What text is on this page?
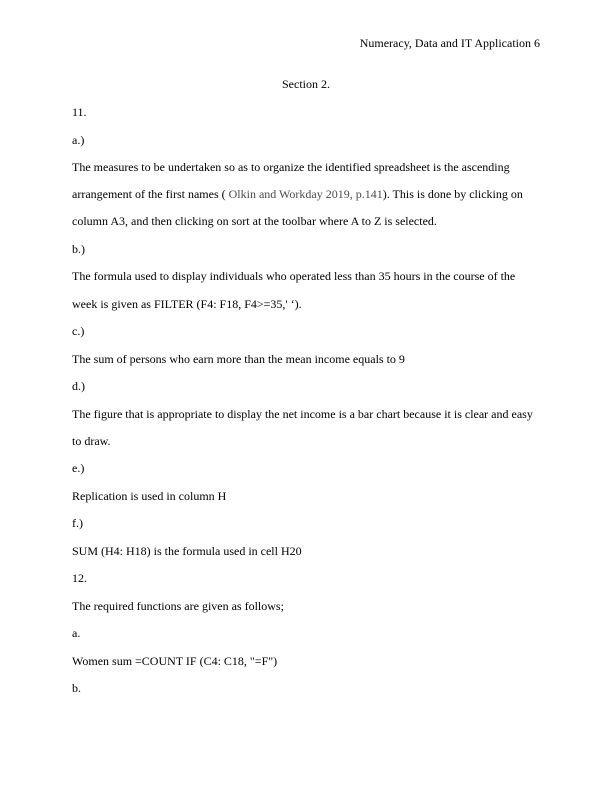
Numeracy, Data and IT Application 6
Section 2.
11.
a.)
The measures to be undertaken so as to organize the identified spreadsheet is the ascending
arrangement of the first names ( Olkin and Workday 2019, p.141). This is done by clicking on
column A3, and then clicking on sort at the toolbar where A to Z is selected.
b.)
The formula used to display individuals who operated less than 35 hours in the course of the
week is given as FILTER (F4: F18, F4>=35,' ‘).
c.)
The sum of persons who earn more than the mean income equals to 9
d.)
The figure that is appropriate to display the net income is a bar chart because it is clear and easy
to draw.
e.)
Replication is used in column H
f.)
SUM (H4: H18) is the formula used in cell H20
12.
The required functions are given as follows;
a.
Women sum =COUNT IF (C4: C18, "=F")
b.
